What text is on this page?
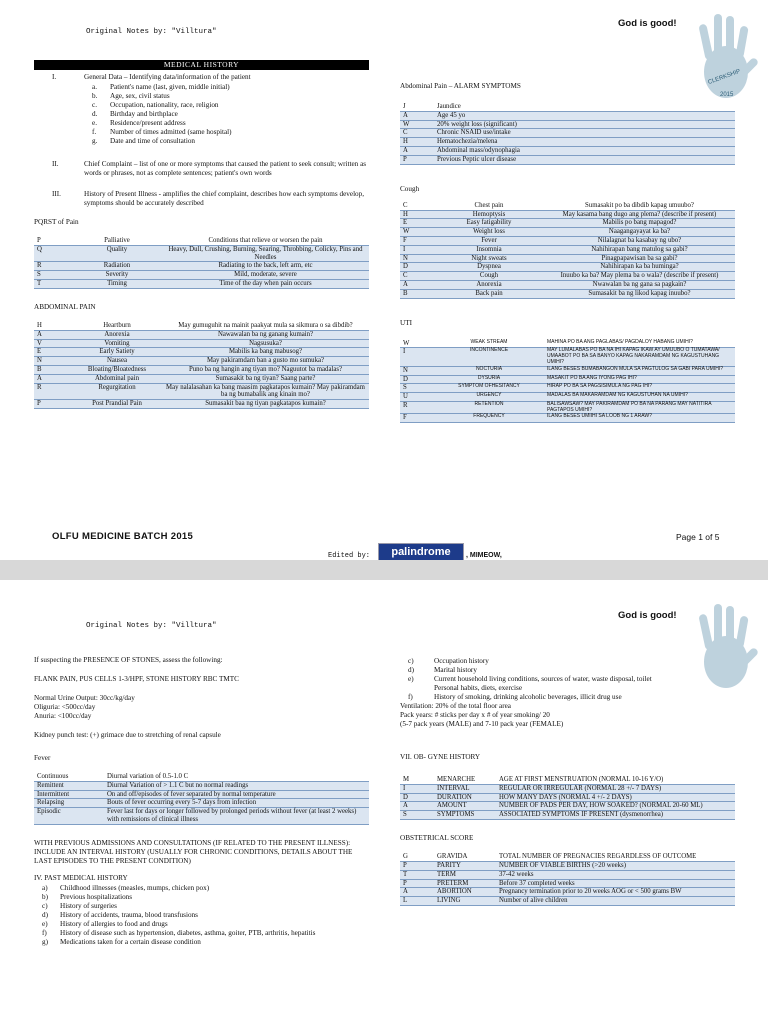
Original Notes by: "Villtura"
God is good!
CLERKSHIP
2015
MEDICAL HISTORY
I.	General Data – Identifying data/information of the patient
a.	Patient's name (last, given, middle initial)
b.	Age, sex, civil status
c.	Occupation, nationality, race, religion
d.	Birthday and birthplace
e.	Residence/present address
f.	Number of times admitted (same hospital)
g.	Date and time of consultation
II.	Chief Complaint – list of one or more symptoms that caused the patient to seek consult; written as words or phrases, not as complete sentences; patient's own words
III.	History of Present Illness - amplifies the chief complaint, describes how each symptoms develop, symptoms should be accurately described
PQRST of Pain
P	Palliative	Conditions that relieve or worsen the pain
Q	Quality	Heavy, Dull, Crushing, Burning, Searing, Throbbing, Colicky, Pins and Needles
R	Radiation	Radiating to the back, left arm, etc
S	Severity	Mild, moderate, severe
T	Timing	Time of the day when pain occurs
ABDOMINAL PAIN
H	Heartburn	May gumuguhit na mainit paakyat mula sa sikmura o sa dibdib?
A	Anorexia	Nawawalan ba ng ganang kumain?
V	Vomiting	Nagsusuka?
E	Early Satiety	Mabilis ka bang mabusog?
N	Nausea	May pakiramdam ban a gusto mo sumuka?
B	Bloating/Bloatedness	Puno ba ng hangin ang tiyan mo? Naguutot ba madalas?
A	Abdominal pain	Sumasakit ba ng tiyan? Saang parte?
R	Regurgitation	May nalalasahan ka bang maasim pagkatapos kumain? May pakiramdam ba ng bumabalik ang kinain mo?
P	Post Prandial Pain	Sumasakit baa ng tiyan pagkatapos kumain?
Abdominal Pain – ALARM SYMPTOMS
J	Jaundice
A	Age 45 yo
W	20% weight loss (significant)
C	Chronic NSAID use/intake
H	Hematochezia/melena
A	Abdominal mass/odynophagia
P	Previous Peptic ulcer disease
Cough
C	Chest pain	Sumasakit po ba dibdib kapag umuubo?
H	Hemoptysis	May kasama bang dugo ang plema? (describe if present)
E	Easy fatigability	Mabilis po bang mapagod?
W	Weight loss	Naagangayayat ka ba?
F	Fever	Nilalagnat ba kasabay ng ubo?
I	Insomnia	Nahihirapan bang matulog sa gabi?
N	Night sweats	Pinagpapawisan ba sa gabi?
D	Dyspnea	Nahihirapan ka ba huminga?
C	Cough	Inuubo ka ba? May plema ba o wala? (describe if present)
A	Anorexia	Nwawalan ba ng gana sa pagkain?
B	Back pain	Sumasakit ba ng likod kapag inuubo?
UTI
W	WEAK STREAM	MAHINA PO BA ANG PAGLABAS/ PAGDALOY HABANG UMIHI?
I	INCONTINENCE	MAY LUMALABAS PO BA NA IHI KAPAG IKAW AY UMUUBO O TUMATAWA/ UMAABOT PO BA SA BANYO KAPAG NAKARAMDAM NG KAGUSTUHANG UMIHI?
N	NOCTURIA	ILANG BESES BUMABANGON MULA SA PAGTULOG SA GABI PARA UMIHI?
D	DYSURIA	MASAKIT PO BA ANG IYONG PAG IHI?
S	SYMPTOM OFHESITANCY	HIRAP PO BA SA PAGSISIMULA NG PAG IHI?
U	URGENCY	MADALAS BA MAKARAMDAM NG KAGUSTUHAN NA UMIHI?
R	RETENTION	BALISAWSAW? MAY PAKIRAMDAM PO BA NA PARANG MAY NATITIRA PAGTAPOS UMIHI?
F	FREQUENCY	ILANG BESES UMIIHI SA LOOB NG 1 ARAW?
OLFU MEDICINE BATCH 2015	Page 1 of 5
Edited by:	palindrome	, MIMEOW,
Original Notes by: "Villtura"
God is good!

If suspecting the PRESENCE OF STONES, assess the following:

FLANK PAIN, PUS CELLS 1-3/HPF, STONE HISTORY RBC TMTC

Normal Urine Output: 30cc/kg/day

Oliguria: <500cc/day

Anuria: <100cc/day

Kidney punch test: (+) grimace due to stretching of renal capsule

Fever
Continuous	Diurnal variation of 0.5-1.0 C
Remittent	Diurnal Variation of > 1.1 C but no normal readings
Intermittent	On and off/episodes of fever separated by normal temperature
Relapsing	Bouts of fever occurring every 5-7 days from infection
Episodic	Fever last for days or longer followed by prolonged periods without fever (at least 2 weeks) with remissions of clinical illness

WITH PREVIOUS ADMISSIONS AND CONSULTATIONS (IF RELATED TO THE PRESENT ILLNESS): INCLUDE AN INTERVAL HISTORY (USUALLY FOR CHRONIC CONDITIONS, DETAILS ABOUT THE LAST EPISODES TO THE PRESENT CONDITION)

IV. PAST MEDICAL HISTORY
a)	Childhood illnesses (measles, mumps, chicken pox)
b)	Previous hospitalizations
c)	History of surgeries
d)	History of accidents, trauma, blood transfusions
e)	History of allergies to food and drugs
f)	History of disease such as hypertension, diabetes, asthma, goiter, PTB, arthritis, hepatitis
g)	Medications taken for a certain disease condition
c)	Occupation history
d)	Marital history
e)	Current household living conditions, sources of water, waste disposal, toilet
Personal habits, diets, exercise
f)	History of smoking, drinking alcoholic beverages, illicit drug use

Ventilation: 20% of the total floor area

Pack years: # sticks per day x # of year smoking/ 20

(5-7 pack years (MALE) and 7-10 pack year (FEMALE)

VII. OB- GYNE HISTORY
M	MENARCHE	AGE AT FIRST MENSTRUATION (NORMAL 10-16 Y/O)
I	INTERVAL	REGULAR OR IRREGULAR (NORMAL 28 +/- 7 DAYS)
D	DURATION	HOW MANY DAYS (NORMAL 4 +/- 2 DAYS)
A	AMOUNT	NUMBER OF PADS PER DAY, HOW SOAKED? (NORMAL 20-60 ML)
S	SYMPTOMS	ASSOCIATED SYMPTOMS IF PRESENT (dysmenorrhea)
OBSTETRICAL SCORE
G	GRAVIDA	TOTAL NUMBER OF PREGNACIES REGARDLESS OF OUTCOME
P	PARITY	NUMBER OF VIABLE BIRTHS (>20 weeks)
T	TERM	37-42 weeks
P	PRETERM	Before 37 completed weeks
A	ABORTION	Pregnancy termination prior to 20 weeks AOG or < 500 grams BW
L	LIVING	Number of alive children
